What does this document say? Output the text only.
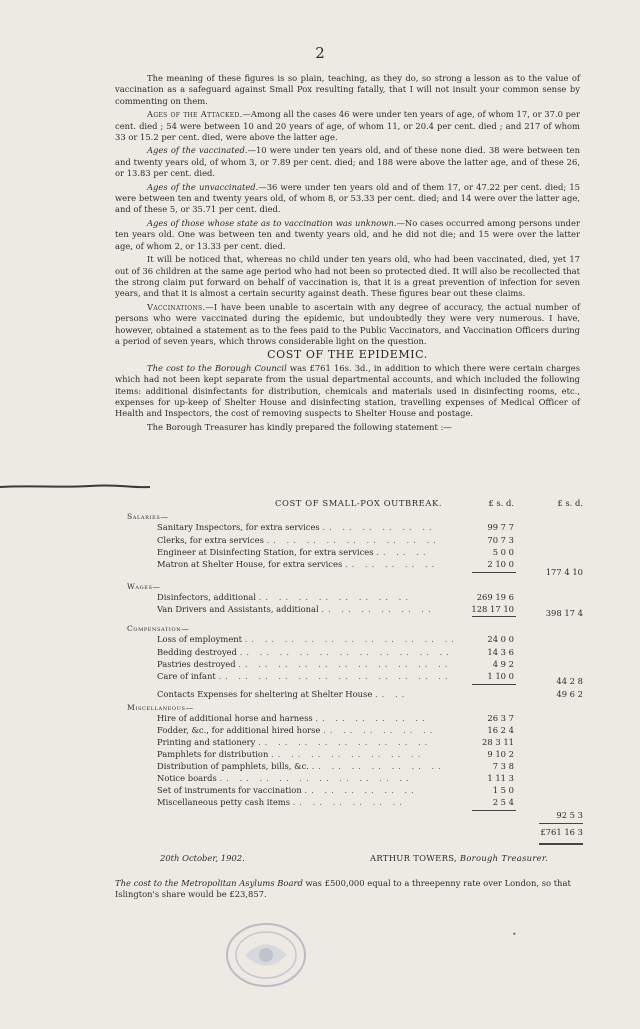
2

The meaning of these figures is so plain, teaching, as they do, so strong a lesson as to the value of vaccination as a safeguard against Small Pox resulting fatally, that I will not insult your common sense by commenting on them.

Ages of the Attacked.—Among all the cases 46 were under ten years of age, of whom 17, or 37.0 per cent. died ; 54 were between 10 and 20 years of age, of whom 11, or 20.4 per cent. died ; and 217 of whom 33 or 15.2 per cent. died, were above the latter age.

Ages of the vaccinated.—10 were under ten years old, and of these none died. 38 were between ten and twenty years old, of whom 3, or 7.89 per cent. died; and 188 were above the latter age, and of these 26, or 13.83 per cent. died.

Ages of the unvaccinated.—36 were under ten years old and of them 17, or 47.22 per cent. died; 15 were between ten and twenty years old, of whom 8, or 53.33 per cent. died; and 14 were over the latter age, and of these 5, or 35.71 per cent. died.

Ages of those whose state as to vaccination was unknown.—No cases occurred among persons under ten years old. One was between ten and twenty years old, and he did not die; and 15 were over the latter age, of whom 2, or 13.33 per cent. died.

It will be noticed that, whereas no child under ten years old, who had been vaccinated, died, yet 17 out of 36 children at the same age period who had not been so protected died. It will also be recollected that the strong claim put forward on behalf of vaccination is, that it is a great prevention of infection for seven years, and that it is almost a certain security against death. These figures bear out these claims.

Vaccinations.—I have been unable to ascertain with any degree of accuracy, the actual number of persons who were vaccinated during the epidemic, but undoubtedly they were very numerous. I have, however, obtained a statement as to the fees paid to the Public Vaccinators, and Vaccination Officers during a period of seven years, which throws considerable light on the question.

COST OF THE EPIDEMIC.

The cost to the Borough Council was £761 16s. 3d., in addition to which there were certain charges which had not been kept separate from the usual departmental accounts, and which included the following items: additional disinfectants for distribution, chemicals and materials used in disinfecting rooms, etc., expenses for up-keep of Shelter House and disinfecting station, travelling expenses of Medical Officer of Health and Inspectors, the cost of removing suspects to Shelter House and postage.

The Borough Treasurer has kindly prepared the following statement :—

COST OF SMALL-POX OUTBREAK.	£ s. d.	£ s. d.
Salaries—
Sanitary Inspectors, for extra services .. .. .. .. .. ..	99 7 7
Clerks, for extra services .. .. .. .. .. .. .. .. ..	70 7 3
Engineer at Disinfecting Station, for extra services .. .. ..	5 0 0
Matron at Shelter House, for extra services .. .. .. .. ..	2 10 0
177 4 10
Wages—
Disinfectors, additional .. .. .. .. .. .. .. ..	269 19 6
Van Drivers and Assistants, additional .. .. .. .. .. ..	128 17 10	398 17 4
Compensation—
Loss of employment .. .. .. .. .. .. .. .. .. .. ..	24 0 0
Bedding destroyed .. .. .. .. .. .. .. .. .. .. ..	14 3 6
Pastries destroyed .. .. .. .. .. .. .. .. .. .. ..	4 9 2
Care of infant .. .. .. .. .. .. .. .. .. .. .. ..	1 10 0	44 2 8
Contacts Expenses for sheltering at Shelter House .. ..	49 6 2
Miscellaneous—
Hire of additional horse and harness .. .. .. .. .. ..	26 3 7
Fodder, &c., for additional hired horse .. .. .. .. .. ..	16 2 4
Printing and stationery .. .. .. .. .. .. .. .. ..	28 3 11
Pamphlets for distribution .. .. .. .. .. .. .. ..	9 10 2
Distribution of pamphlets, bills, &c. .. .. .. .. .. .. ..	7 3 8
Notice boards .. .. .. .. .. .. .. .. .. ..	1 11 3
Set of instruments for vaccination .. .. .. .. .. ..	1 5 0
Miscellaneous petty cash items .. .. .. .. .. ..	2 5 4
92 5 3
£761 16 3
20th October, 1902.	ARTHUR TOWERS, Borough Treasurer.
The cost to the Metropolitan Asylums Board was £500,000 equal to a threepenny rate over London, so that Islington's share would be £23,857.
•
